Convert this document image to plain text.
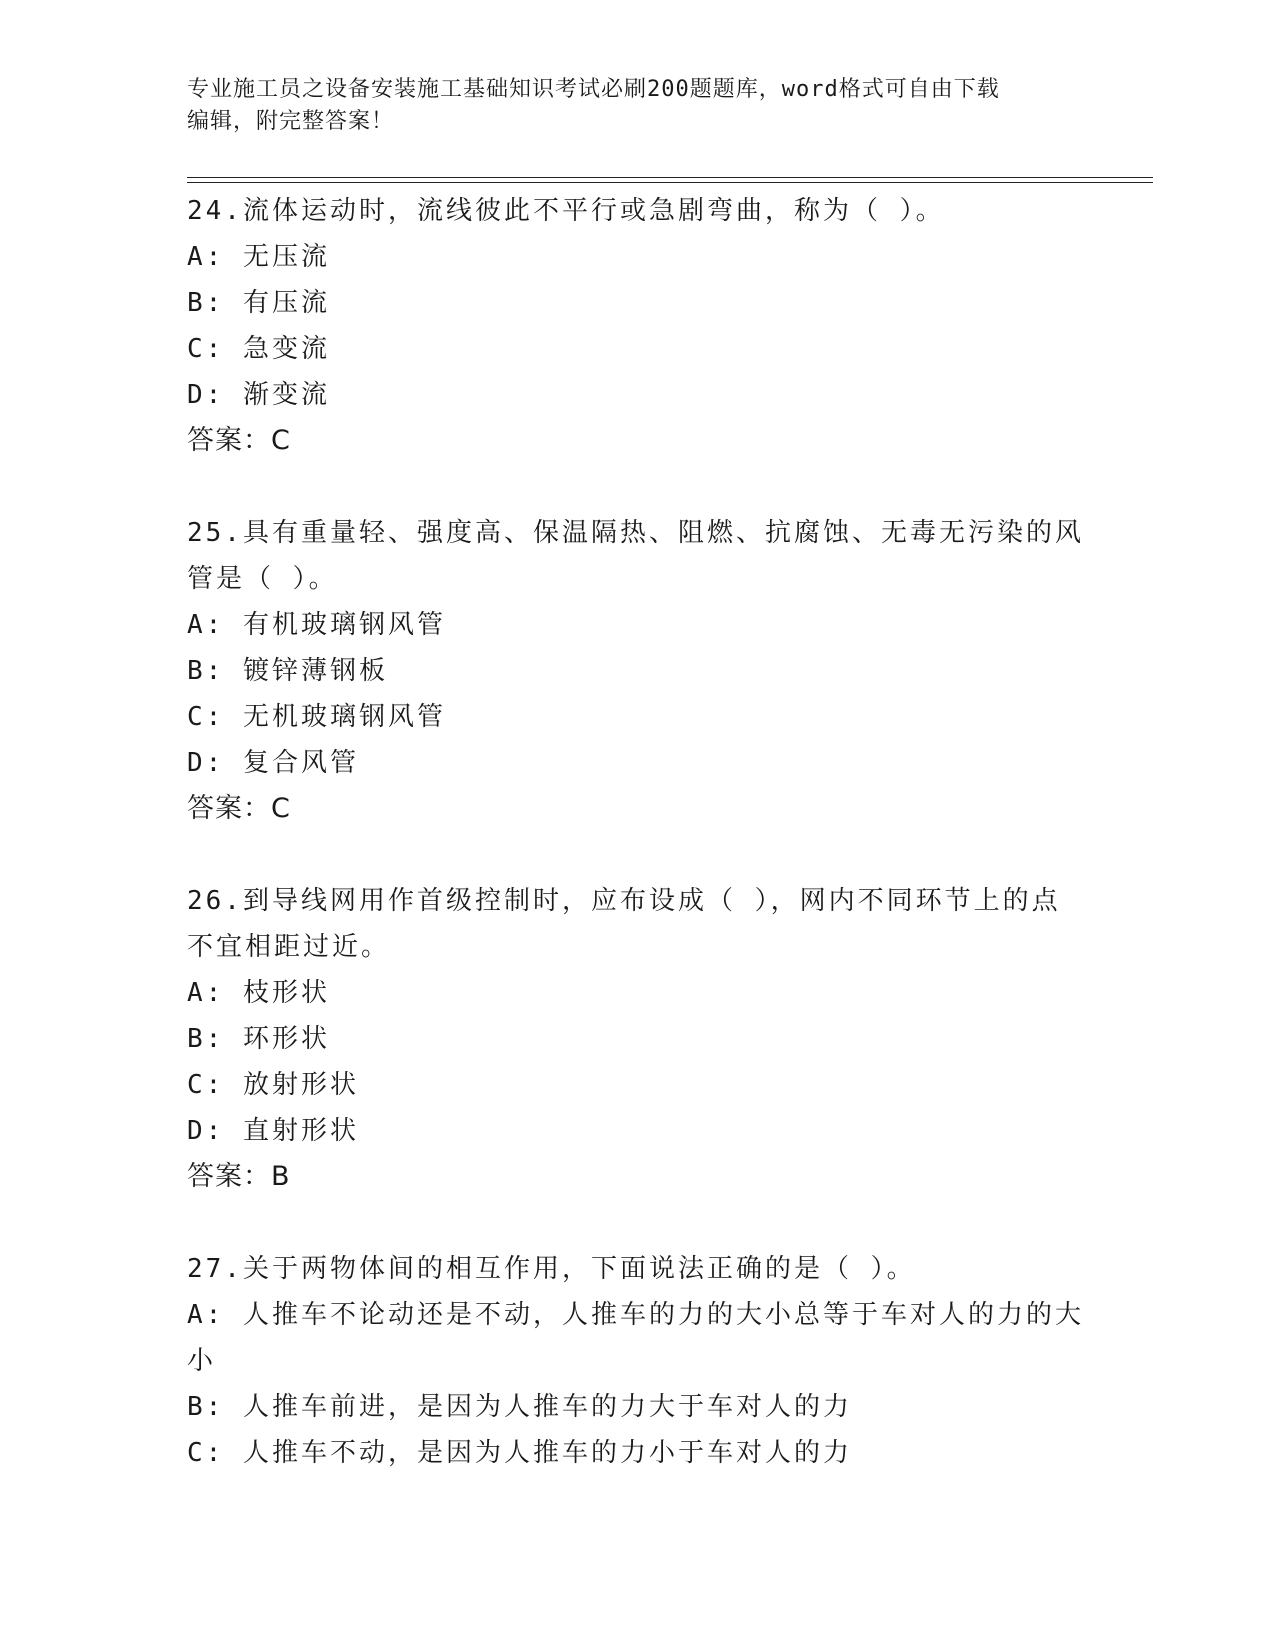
专业施工员之设备安装施工基础知识考试必刷200题题库，word格式可自由下载
编辑，附完整答案！
24.流体运动时，流线彼此不平行或急剧弯曲，称为（ ）。
A: 无压流
B: 有压流
C: 急变流
D: 渐变流
答案：C
25.具有重量轻、强度高、保温隔热、阻燃、抗腐蚀、无毒无污染的风
管是（ ）。
A: 有机玻璃钢风管
B: 镀锌薄钢板
C: 无机玻璃钢风管
D: 复合风管
答案：C
26.到导线网用作首级控制时，应布设成（ ），网内不同环节上的点
不宜相距过近。
A: 枝形状
B: 环形状
C: 放射形状
D: 直射形状
答案：B
27.关于两物体间的相互作用，下面说法正确的是（ ）。
A: 人推车不论动还是不动，人推车的力的大小总等于车对人的力的大
小
B: 人推车前进，是因为人推车的力大于车对人的力
C: 人推车不动，是因为人推车的力小于车对人的力
